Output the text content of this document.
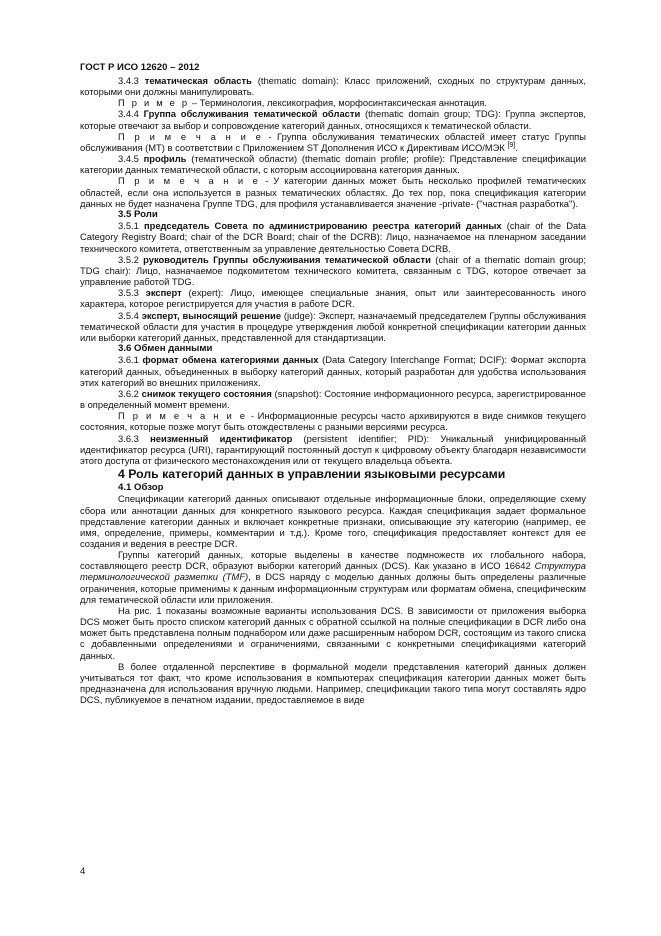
ГОСТ Р ИСО 12620 – 2012

3.4.3 тематическая область (thematic domain): Класс приложений, сходных по структурам данных, которыми они должны манипулировать.

П р и м е р – Терминология, лексикография, морфосинтаксическая аннотация.

3.4.4 Группа обслуживания тематической области (thematic domain group; TDG): Группа экспертов, которые отвечают за выбор и сопровождение категорий данных, относящихся к тематической области.

П р и м е ч а н и е - Группа обслуживания тематических областей имеет статус Группы обслуживания (МТ) в соответствии с Приложением ST Дополнения ИСО к Директивам ИСО/МЭК [9].

3.4.5 профиль (тематической области) (thematic domain profile; profile): Представление спецификации категории данных тематической области, с которым ассоциирована категория данных.

П р и м е ч а н и е - У категории данных может быть несколько профилей тематических областей, если она используется в разных тематических областях. До тех пор, пока спецификация категории данных не будет назначена Группе TDG, для профиля устанавливается значение -private- ("частная разработка").

3.5 Роли

3.5.1 председатель Совета по администрированию реестра категорий данных (chair of the Data Category Registry Board; chair of the DCR Board; chair of the DCRB): Лицо, назначаемое на пленарном заседании технического комитета, ответственным за управление деятельностью Совета DCRB.

3.5.2 руководитель Группы обслуживания тематической области (chair of a thematic domain group; TDG chair): Лицо, назначаемое подкомитетом технического комитета, связанным с TDG, которое отвечает за управление работой TDG.

3.5.3 эксперт (expert): Лицо, имеющее специальные знания, опыт или заинтересованность иного характера, которое регистрируется для участия в работе DCR.

3.5.4 эксперт, выносящий решение (judge): Эксперт, назначаемый председателем Группы обслуживания тематической области для участия в процедуре утверждения любой конкретной спецификации категории данных или выборки категорий данных, представленной для стандартизации.

3.6 Обмен данными

3.6.1 формат обмена категориями данных (Data Category Interchange Format; DCIF): Формат экспорта категорий данных, объединенных в выборку категорий данных, который разработан для удобства использования этих категорий во внешних приложениях.

3.6.2 снимок текущего состояния (snapshot): Состояние информационного ресурса, зарегистрированное в определенный момент времени.

П р и м е ч а н и е - Информационные ресурсы часто архивируются в виде снимков текущего состояния, которые позже могут быть отождествлены с разными версиями ресурса.

3.6.3 неизменный идентификатор (persistent identifier; PID): Уникальный унифицированный идентификатор ресурса (URI), гарантирующий постоянный доступ к цифровому объекту благодаря независимости этого доступа от физического местонахождения или от текущего владельца объекта.

4 Роль категорий данных в управлении языковыми ресурсами
4.1 Обзор

Спецификации категорий данных описывают отдельные информационные блоки, определяющие схему сбора или аннотации данных для конкретного языкового ресурса. Каждая спецификация задает формальное представление категории данных и включает конкретные признаки, описывающие эту категорию (например, ее имя, определение, примеры, комментарии и т.д.). Кроме того, спецификация предоставляет контекст для ее создания и ведения в реестре DCR.

Группы категорий данных, которые выделены в качестве подмножеств их глобального набора, составляющего реестр DCR, образуют выборки категорий данных (DCS). Как указано в ИСО 16642 Структура терминологической разметки (TMF), в DCS наряду с моделью данных должны быть определены различные ограничения, которые применимы к данным информационным структурам или форматам обмена, специфическим для тематической области или приложения.

На рис. 1 показаны возможные варианты использования DCS. В зависимости от приложения выборка DCS может быть просто списком категорий данных с обратной ссылкой на полные спецификации в DCR либо она может быть представлена полным поднабором или даже расширенным набором DCR, состоящим из такого списка с добавленными определениями и ограничениями, связанными с конкретными спецификациями категорий данных.

В более отдаленной перспективе в формальной модели представления категорий данных должен учитываться тот факт, что кроме использования в компьютерах спецификация категории данных может быть предназначена для использования вручную людьми. Например, спецификации такого типа могут составлять ядро DCS, публикуемое в печатном издании, предоставляемое в виде

4
